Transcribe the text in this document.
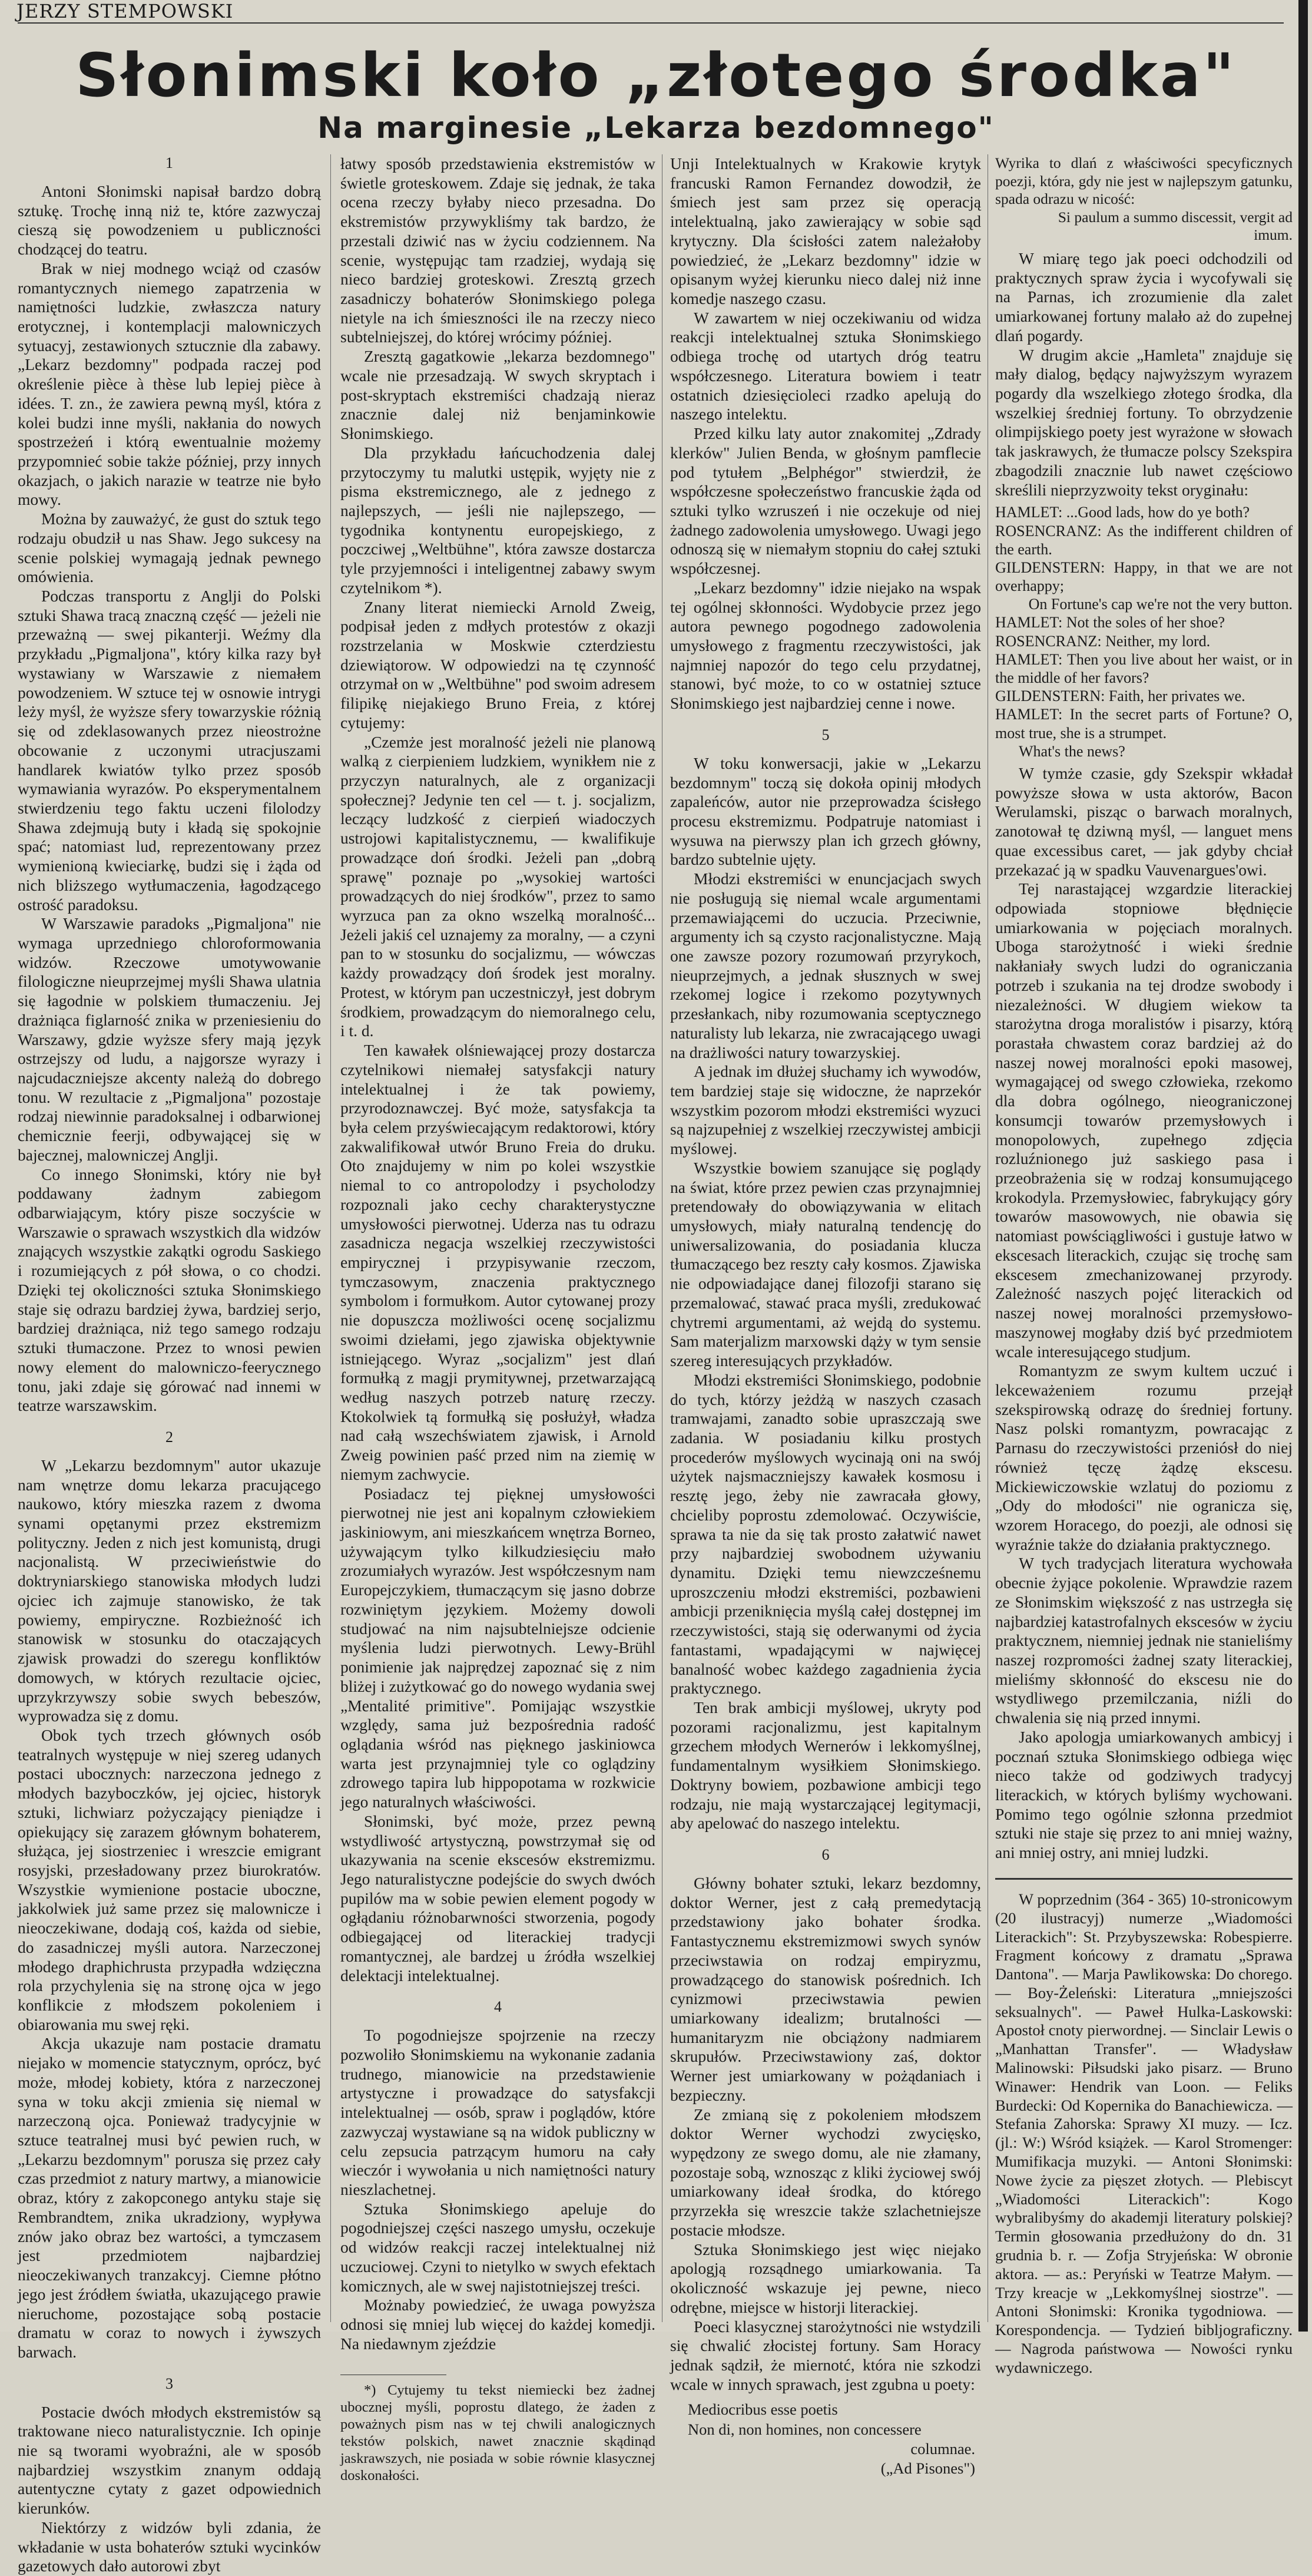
JERZY STEMPOWSKI
Słonimski koło „złotego środka"
Na marginesie „Lekarza bezdomnego"
1

Antoni Słonimski napisał bardzo dobrą sztukę. Trochę inną niż te, które zazwyczaj cieszą się powodzeniem u publiczności chodzącej do teatru.

Brak w niej modnego wciąż od czasów romantycznych niemego zapatrzenia w namiętności ludzkie, zwłaszcza natury erotycznej, i kontemplacji malowniczych sytuacyj, zestawionych sztucznie dla zabawy. „Lekarz bezdomny" podpada raczej pod określenie pièce à thèse lub lepiej pièce à idées. T. zn., że zawiera pewną myśl, która z kolei budzi inne myśli, nakłania do nowych spostrzeżeń i którą ewentualnie możemy przypomnieć sobie także później, przy innych okazjach, o jakich narazie w teatrze nie było mowy.

Można by zauważyć, że gust do sztuk tego rodzaju obudził u nas Shaw. Jego sukcesy na scenie polskiej wymagają jednak pewnego omówienia.

Podczas transportu z Anglji do Polski sztuki Shawa tracą znaczną część — jeżeli nie przeważną — swej pikanterji. Weźmy dla przykładu „Pigmaljona", który kilka razy był wystawiany w Warszawie z niemałem powodzeniem. W sztuce tej w osnowie intrygi leży myśl, że wyższe sfery towarzyskie różnią się od zdeklasowanych przez nieostrożne obcowanie z uczonymi utracjuszami handlarek kwiatów tylko przez sposób wymawiania wyrazów. Po eksperymentalnem stwierdzeniu tego faktu uczeni filolodzy Shawa zdejmują buty i kładą się spokojnie spać; natomiast lud, reprezentowany przez wymienioną kwieciarkę, budzi się i żąda od nich bliższego wytłumaczenia, łagodzącego ostrość paradoksu.

W Warszawie paradoks „Pigmaljona" nie wymaga uprzedniego chloroformowania widzów. Rzeczowe umotywowanie filologiczne nieuprzejmej myśli Shawa ulatnia się łagodnie w polskiem tłumaczeniu. Jej drażniąca figlarność znika w przeniesieniu do Warszawy, gdzie wyższe sfery mają język ostrzejszy od ludu, a najgorsze wyrazy i najcudaczniejsze akcenty należą do dobrego tonu. W rezultacie z „Pigmaljona" pozostaje rodzaj niewinnie paradoksalnej i odbarwionej chemicznie feerji, odbywającej się w bajecznej, malowniczej Anglji.

Co innego Słonimski, który nie był poddawany żadnym zabiegom odbarwiającym, który pisze soczyście w Warszawie o sprawach wszystkich dla widzów znających wszystkie zakątki ogrodu Saskiego i rozumiejących z pół słowa, o co chodzi. Dzięki tej okoliczności sztuka Słonimskiego staje się odrazu bardziej żywa, bardziej serjo, bardziej drażniąca, niż tego samego rodzaju sztuki tłumaczone. Przez to wnosi pewien nowy element do malowniczo-feerycznego tonu, jaki zdaje się górować nad innemi w teatrze warszawskim.

2

W „Lekarzu bezdomnym" autor ukazuje nam wnętrze domu lekarza pracującego naukowo, który mieszka razem z dwoma synami opętanymi przez ekstremizm polityczny. Jeden z nich jest komunistą, drugi nacjonalistą. W przeciwieństwie do doktryniarskiego stanowiska młodych ludzi ojciec ich zajmuje stanowisko, że tak powiemy, empiryczne. Rozbieżność ich stanowisk w stosunku do otaczających zjawisk prowadzi do szeregu konfliktów domowych, w których rezultacie ojciec, uprzykrzywszy sobie swych bebeszów, wyprowadza się z domu.

Obok tych trzech głównych osób teatralnych występuje w niej szereg udanych postaci ubocznych: narzeczona jednego z młodych bazyboczków, jej ojciec, historyk sztuki, lichwiarz pożyczający pieniądze i opiekujący się zarazem głównym bohaterem, służąca, jej siostrzeniec i wreszcie emigrant rosyjski, przesładowany przez biurokratów. Wszystkie wymienione postacie uboczne, jakkolwiek już same przez się malownicze i nieoczekiwane, dodają coś, każda od siebie, do zasadniczej myśli autora. Narzeczonej młodego draphichrusta przypadła wdzięczna rola przychylenia się na stronę ojca w jego konflikcie z młodszem pokoleniem i obiarowania mu swej ręki.

Akcja ukazuje nam postacie dramatu niejako w momencie statycznym, oprócz, być może, młodej kobiety, która z narzeczonej syna w toku akcji zmienia się niemal w narzeczoną ojca. Ponieważ tradycyjnie w sztuce teatralnej musi być pewien ruch, w „Lekarzu bezdomnym" porusza się przez cały czas przedmiot z natury martwy, a mianowicie obraz, który z zakopconego antyku staje się Rembrandtem, znika ukradziony, wypływa znów jako obraz bez wartości, a tymczasem jest przedmiotem najbardziej nieoczekiwanych tranzakcyj. Ciemne płótno jego jest źródłem światła, ukazującego prawie nieruchome, pozostające sobą postacie dramatu w coraz to nowych i żywszych barwach.

3

Postacie dwóch młodych ekstremistów są traktowane nieco naturalistycznie. Ich opinje nie są tworami wyobraźni, ale w sposób najbardziej wszystkim znanym oddają autentyczne cytaty z gazet odpowiednich kierunków.

Niektórzy z widzów byli zdania, że wkładanie w usta bohaterów sztuki wycinków gazetowych dało autorowi zbyt

łatwy sposób przedstawienia ekstremistów w świetle groteskowem. Zdaje się jednak, że taka ocena rzeczy byłaby nieco przesadna. Do ekstremistów przywykliśmy tak bardzo, że przestali dziwić nas w życiu codziennem. Na scenie, występując tam rzadziej, wydają się nieco bardziej groteskowi. Zresztą grzech zasadniczy bohaterów Słonimskiego polega nietyle na ich śmieszności ile na rzeczy nieco subtelniejszej, do której wrócimy później.

Zresztą gagatkowie „lekarza bezdomnego" wcale nie przesadzają. W swych skryptach i post-skryptach ekstremiści chadzają nieraz znacznie dalej niż benjaminkowie Słonimskiego.

Dla przykładu łańcuchodzenia dalej przytoczymy tu malutki ustępik, wyjęty nie z pisma ekstremicznego, ale z jednego z najlepszych, — jeśli nie najlepszego, — tygodnika kontynentu europejskiego, z poczciwej „Weltbühne", która zawsze dostarcza tyle przyjemności i inteligentnej zabawy swym czytelnikom *).

Znany literat niemiecki Arnold Zweig, podpisał jeden z mdłych protestów z okazji rozstrzelania w Moskwie czterdziestu dziewiątorow. W odpowiedzi na tę czynność otrzymał on w „Weltbühne" pod swoim adresem filipikę niejakiego Bruno Freia, z której cytujemy:

„Czemże jest moralność jeżeli nie planową walką z cierpieniem ludzkiem, wynikłem nie z przyczyn naturalnych, ale z organizacji społecznej? Jedynie ten cel — t. j. socjalizm, leczący ludzkość z cierpień wiadoczych ustrojowi kapitalistycznemu, — kwalifikuje prowadzące doń środki. Jeżeli pan „dobrą sprawę" poznaje po „wysokiej wartości prowadzących do niej środków", przez to samo wyrzuca pan za okno wszelką moralność... Jeżeli jakiś cel uznajemy za moralny, — a czyni pan to w stosunku do socjalizmu, — wówczas każdy prowadzący doń środek jest moralny. Protest, w którym pan uczestniczył, jest dobrym środkiem, prowadzącym do niemoralnego celu, i t. d.

Ten kawałek olśniewającej prozy dostarcza czytelnikowi niemałej satysfakcji natury intelektualnej i że tak powiemy, przyrodoznawczej. Być może, satysfakcja ta była celem przyświecającym redaktorowi, który zakwalifikował utwór Bruno Freia do druku. Oto znajdujemy w nim po kolei wszystkie niemal to co antropolodzy i psycholodzy rozpoznali jako cechy charakterystyczne umysłowości pierwotnej. Uderza nas tu odrazu zasadnicza negacja wszelkiej rzeczywistości empirycznej i przypisywanie rzeczom, tymczasowym, znaczenia praktycznego symbolom i formułkom. Autor cytowanej prozy nie dopuszcza możliwości ocenę socjalizmu swoimi dziełami, jego zjawiska objektywnie istniejącego. Wyraz „socjalizm" jest dlań formułką z magji prymitywnej, przetwarzającą według naszych potrzeb naturę rzeczy. Ktokolwiek tą formułką się posłużył, władza nad całą wszechświatem zjawisk, i Arnold Zweig powinien paść przed nim na ziemię w niemym zachwycie.

Posiadacz tej pięknej umysłowości pierwotnej nie jest ani kopalnym człowiekiem jaskiniowym, ani mieszkańcem wnętrza Borneo, używającym tylko kilkudziesięciu mało zrozumiałych wyrazów. Jest współczesnym nam Europejczykiem, tłumaczącym się jasno dobrze rozwiniętym językiem. Możemy dowoli studjować na nim najsubtelniejsze odcienie myślenia ludzi pierwotnych. Lewy-Brühl ponimienie jak najprędzej zapoznać się z nim bliżej i zużytkować go do nowego wydania swej „Mentalité primitive". Pomijając wszystkie względy, sama już bezpośrednia radość oglądania wśród nas pięknego jaskiniowca warta jest przynajmniej tyle co oglądziny zdrowego tapira lub hippopotama w rozkwicie jego naturalnych właściwości.

Słonimski, być może, przez pewną wstydliwość artystyczną, powstrzymał się od ukazywania na scenie ekscesów ekstremizmu. Jego naturalistyczne podejście do swych dwóch pupilów ma w sobie pewien element pogody w ogłądaniu różnobarwności stworzenia, pogody odbiegającej od literackiej tradycji romantycznej, ale bardzej u źródła wszelkiej delektacji intelektualnej.

4

To pogodniejsze spojrzenie na rzeczy pozwoliło Słonimskiemu na wykonanie zadania trudnego, mianowicie na przedstawienie artystyczne i prowadzące do satysfakcji intelektualnej — osób, spraw i poglądów, które zazwyczaj wystawiane są na widok publiczny w celu zepsucia patrzącym humoru na cały wieczór i wywołania u nich namiętności natury nieszlachetnej.

Sztuka Słonimskiego apeluje do pogodniejszej części naszego umysłu, oczekuje od widzów reakcji raczej intelektualnej niż uczuciowej. Czyni to nietylko w swych efektach komicznych, ale w swej najistotniejszej treści.

Możnaby powiedzieć, że uwaga powyższa odnosi się mniej lub więcej do każdej komedji. Na niedawnym zjeździe

*) Cytujemy tu tekst niemiecki bez żadnej ubocznej myśli, poprostu dlatego, że żaden z poważnych pism nas w tej chwili analogicznych tekstów polskich, nawet znacznie skądinąd jaskrawszych, nie posiada w sobie równie klasycznej doskonałości.

Unji Intelektualnych w Krakowie krytyk francuski Ramon Fernandez dowodził, że śmiech jest sam przez się operacją intelektualną, jako zawierający w sobie sąd krytyczny. Dla ścisłości zatem należałoby powiedzieć, że „Lekarz bezdomny" idzie w opisanym wyżej kierunku nieco dalej niż inne komedje naszego czasu.

W zawartem w niej oczekiwaniu od widza reakcji intelektualnej sztuka Słonimskiego odbiega trochę od utartych dróg teatru współczesnego. Literatura bowiem i teatr ostatnich dziesięcioleci rzadko apelują do naszego intelektu.

Przed kilku laty autor znakomitej „Zdrady klerków" Julien Benda, w głośnym pamflecie pod tytułem „Belphégor" stwierdził, że współczesne społeczeństwo francuskie żąda od sztuki tylko wzruszeń i nie oczekuje od niej żadnego zadowolenia umysłowego. Uwagi jego odnoszą się w niemałym stopniu do całej sztuki współczesnej.

„Lekarz bezdomny" idzie niejako na wspak tej ogólnej skłonności. Wydobycie przez jego autora pewnego pogodnego zadowolenia umysłowego z fragmentu rzeczywistości, jak najmniej napozór do tego celu przydatnej, stanowi, być może, to co w ostatniej sztuce Słonimskiego jest najbardziej cenne i nowe.

5

W toku konwersacji, jakie w „Lekarzu bezdomnym" toczą się dokoła opinij młodych zapaleńców, autor nie przeprowadza ścisłego procesu ekstremizmu. Podpatruje natomiast i wysuwa na pierwszy plan ich grzech główny, bardzo subtelnie ujęty.

Młodzi ekstremiści w enuncjacjach swych nie posługują się niemal wcale argumentami przemawiającemi do uczucia. Przeciwnie, argumenty ich są czysto racjonalistyczne. Mają one zawsze pozory rozumowań przyrykoch, nieuprzejmych, a jednak słusznych w swej rzekomej logice i rzekomo pozytywnych przesłankach, niby rozumowania sceptycznego naturalisty lub lekarza, nie zwracającego uwagi na drażliwości natury towarzyskiej.

A jednak im dłużej słuchamy ich wywodów, tem bardziej staje się widoczne, że naprzekór wszystkim pozorom młodzi ekstremiści wyzuci są najzupełniej z wszelkiej rzeczywistej ambicji myślowej.

Wszystkie bowiem szanujące się poglądy na świat, które przez pewien czas przynajmniej pretendowały do obowiązywania w elitach umysłowych, miały naturalną tendencję do uniwersalizowania, do posiadania klucza tłumaczącego bez reszty cały kosmos. Zjawiska nie odpowiadające danej filozofji starano się przemalować, stawać praca myśli, zredukować chytremi argumentami, aż wejdą do systemu. Sam materjalizm marxowski dąży w tym sensie szereg interesujących przykładów.

Młodzi ekstremiści Słonimskiego, podobnie do tych, którzy jeżdżą w naszych czasach tramwajami, zanadto sobie upraszczają swe zadania. W posiadaniu kilku prostych procederów myślowych wycinają oni na swój użytek najsmaczniejszy kawałek kosmosu i resztę jego, żeby nie zawracała głowy, chcieliby poprostu zdemolować. Oczywiście, sprawa ta nie da się tak prosto załatwić nawet przy najbardziej swobodnem używaniu dynamitu. Dzięki temu niewzcześnemu uproszczeniu młodzi ekstremiści, pozbawieni ambicji przeniknięcia myślą całej dostępnej im rzeczywistości, stają się oderwanymi od życia fantastami, wpadającymi w najwięcej banalność wobec każdego zagadnienia życia praktycznego.

Ten brak ambicji myślowej, ukryty pod pozorami racjonalizmu, jest kapitalnym grzechem młodych Wernerów i lekkomyślnej, fundamentalnym wysiłkiem Słonimskiego. Doktryny bowiem, pozbawione ambicji tego rodzaju, nie mają wystarczającej legitymacji, aby apelować do naszego intelektu.

6

Główny bohater sztuki, lekarz bezdomny, doktor Werner, jest z całą premedytacją przedstawiony jako bohater środka. Fantastycznemu ekstremizmowi swych synów przeciwstawia on rodzaj empiryzmu, prowadzącego do stanowisk pośrednich. Ich cynizmowi przeciwstawia pewien umiarkowany idealizm; brutalności — humanitaryzm nie obciążony nadmiarem skrupułów. Przeciwstawiony zaś, doktor Werner jest umiarkowany w pożądaniach i bezpieczny.

Ze zmianą się z pokoleniem młodszem doktor Werner wychodzi zwycięsko, wypędzony ze swego domu, ale nie złamany, pozostaje sobą, wznosząc z kliki życiowej swój umiarkowany ideał środka, do którego przyrzekła się wreszcie także szlachetniejsze postacie młodsze.

Sztuka Słonimskiego jest więc niejako apologją rozsądnego umiarkowania. Ta okoliczność wskazuje jej pewne, nieco odrębne, miejsce w historji literackiej.

Poeci klasycznej starożytności nie wstydzili się chwalić złocistej fortuny. Sam Horacy jednak sądził, że miernotć, która nie szkodzi wcale w innych sprawach, jest zgubna u poety:

Mediocribus esse poetis
Non di, non homines, non concessere
columnae.
(„Ad Pisones")

Wyrika to dlań z właściwości specyficznych poezji, która, gdy nie jest w najlepszym gatunku, spada odrazu w nicość:

Si paulum a summo discessit, vergit ad
imum.

W miarę tego jak poeci odchodzili od praktycznych spraw życia i wycofywali się na Parnas, ich zrozumienie dla zalet umiarkowanej fortuny malało aż do zupełnej dlań pogardy.

W drugim akcie „Hamleta" znajduje się mały dialog, będący najwyższym wyrazem pogardy dla wszelkiego złotego środka, dla wszelkiej średniej fortuny. To obrzydzenie olimpijskiego poety jest wyrażone w słowach tak jaskrawych, że tłumacze polscy Szekspira zbagodzili znacznie lub nawet częściowo skreślili nieprzyzwoity tekst oryginału:

HAMLET: ...Good lads, how do ye both?
ROSENCRANZ: As the indifferent children of the earth.
GILDENSTERN: Happy, in that we are not overhappy;
On Fortune's cap we're not the very button.
HAMLET: Not the soles of her shoe?
ROSENCRANZ: Neither, my lord.
HAMLET: Then you live about her waist, or in the middle of her favors?
GILDENSTERN: Faith, her privates we.
HAMLET: In the secret parts of Fortune? O, most true, she is a strumpet.
What's the news?

W tymże czasie, gdy Szekspir wkładał powyższe słowa w usta aktorów, Bacon Werulamski, pisząc o barwach moralnych, zanotował tę dziwną myśl, — languet mens quae excessibus caret, — jak gdyby chciał przekazać ją w spadku Vauvenargues'owi.

Tej narastającej wzgardzie literackiej odpowiada stopniowe błędnięcie umiarkowania w pojęciach moralnych. Uboga starożytność i wieki średnie nakłaniały swych ludzi do ograniczania potrzeb i szukania na tej drodze swobody i niezależności. W długiem wiekow ta starożytna droga moralistów i pisarzy, którą porastała chwastem coraz bardziej aż do naszej nowej moralności epoki masowej, wymagającej od swego człowieka, rzekomo dla dobra ogólnego, nieograniczonej konsumcji towarów przemysłowych i monopolowych, zupełnego zdjęcia rozluźnionego już saskiego pasa i przeobrażenia się w rodzaj konsumującego krokodyla. Przemysłowiec, fabrykujący góry towarów masowowych, nie obawia się natomiast powściągliwości i gustuje łatwo w ekscesach literackich, czując się trochę sam ekscesem zmechanizowanej przyrody. Zależność naszych pojęć literackich od naszej nowej moralności przemysłowo-maszynowej mogłaby dziś być przedmiotem wcale interesującego studjum.

Romantyzm ze swym kultem uczuć i lekceważeniem rozumu przejął szekspirowską odrazę do średniej fortuny. Nasz polski romantyzm, powracając z Parnasu do rzeczywistości przeniósł do niej również tęczę żądzę ekscesu. Mickiewiczowskie wzlatuj do poziomu z „Ody do młodości" nie ogranicza się, wzorem Horacego, do poezji, ale odnosi się wyraźnie także do działania praktycznego.

W tych tradycjach literatura wychowała obecnie żyjące pokolenie. Wprawdzie razem ze Słonimskim większość z nas ustrzegła się najbardziej katastrofalnych ekscesów w życiu praktycznem, niemniej jednak nie stanieliśmy naszej rozpromości żadnej szaty literackiej, mieliśmy skłonność do ekscesu nie do wstydliwego przemilczania, niźli do chwalenia się nią przed innymi.

Jako apologja umiarkowanych ambicyj i pocznań sztuka Słonimskiego odbiega więc nieco także od godziwych tradycyj literackich, w których byliśmy wychowani. Pomimo tego ogólnie szłonna przedmiot sztuki nie staje się przez to ani mniej ważny, ani mniej ostry, ani mniej ludzki.

W poprzednim (364 - 365) 10-stronicowym (20 ilustracyj) numerze „Wiadomości Literackich": St. Przybyszewska: Robespierre. Fragment końcowy z dramatu „Sprawa Dantona". — Marja Pawlikowska: Do chorego. — Boy-Żeleński: Literatura „mniejszości seksualnych". — Paweł Hulka-Laskowski: Apostoł cnoty pierwordnej. — Sinclair Lewis o „Manhattan Transfer". — Władysław Malinowski: Piłsudski jako pisarz. — Bruno Winawer: Hendrik van Loon. — Feliks Burdecki: Od Kopernika do Banachiewicza. — Stefania Zahorska: Sprawy XI muzy. — Icz. (jl.: W:) Wśród książek. — Karol Stromenger: Mumifikacja muzyki. — Antoni Słonimski: Nowe życie za pięszet złotych. — Plebiscyt „Wiadomości Literackich": Kogo wybralibyśmy do akademji literatury polskiej? Termin głosowania przedłużony do dn. 31 grudnia b. r. — Zofja Stryjeńska: W obronie aktora. — as.: Peryński w Teatrze Małym. — Trzy kreacje w „Lekkomyślnej siostrze". — Antoni Słonimski: Kronika tygodniowa. — Korespondencja. — Tydzień bibljograficzny. — Nagroda państwowa — Nowości rynku wydawniczego.
